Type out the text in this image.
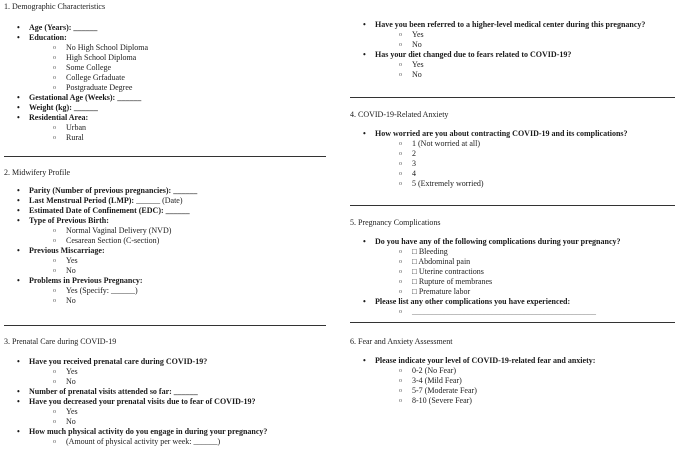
1. Demographic Characteristics
• Age (Years): ______
• Education:
o No High School Diploma
o High School Diploma
o Some College
o College Grfaduate
o Postgraduate Degree
• Gestational Age (Weeks): ______
• Weight (kg): ______
• Residential Area:
o Urban
o Rural
2. Midwifery Profile
• Parity (Number of previous pregnancies): ______
• Last Menstrual Period (LMP): ______ (Date)
• Estimated Date of Confinement (EDC): ______
• Type of Previous Birth:
o Normal Vaginal Delivery (NVD)
o Cesarean Section (C-section)
• Previous Miscarriage:
o Yes
o No
• Problems in Previous Pregnancy:
o Yes (Specify: ______)
o No
3. Prenatal Care during COVID-19
• Have you received prenatal care during COVID-19?
o Yes
o No
• Number of prenatal visits attended so far: ______
• Have you decreased your prenatal visits due to fear of COVID-19?
o Yes
o No
• How much physical activity do you engage in during your pregnancy?
o (Amount of physical activity per week: ______)
• Have you been referred to a higher-level medical center during this pregnancy?
o Yes
o No
• Has your diet changed due to fears related to COVID-19?
o Yes
o No
4. COVID-19-Related Anxiety
• How worried are you about contracting COVID-19 and its complications?
o 1 (Not worried at all)
o 2
o 3
o 4
o 5 (Extremely worried)
5. Pregnancy Complications
• Do you have any of the following complications during your pregnancy?
o □ Bleeding
o □ Abdominal pain
o □ Uterine contractions
o □ Rupture of membranes
o □ Premature labor
• Please list any other complications you have experienced:
o ______________________________________________
6. Fear and Anxiety Assessment
• Please indicate your level of COVID-19-related fear and anxiety:
o 0-2 (No Fear)
o 3-4 (Mild Fear)
o 5-7 (Moderate Fear)
o 8-10 (Severe Fear)
